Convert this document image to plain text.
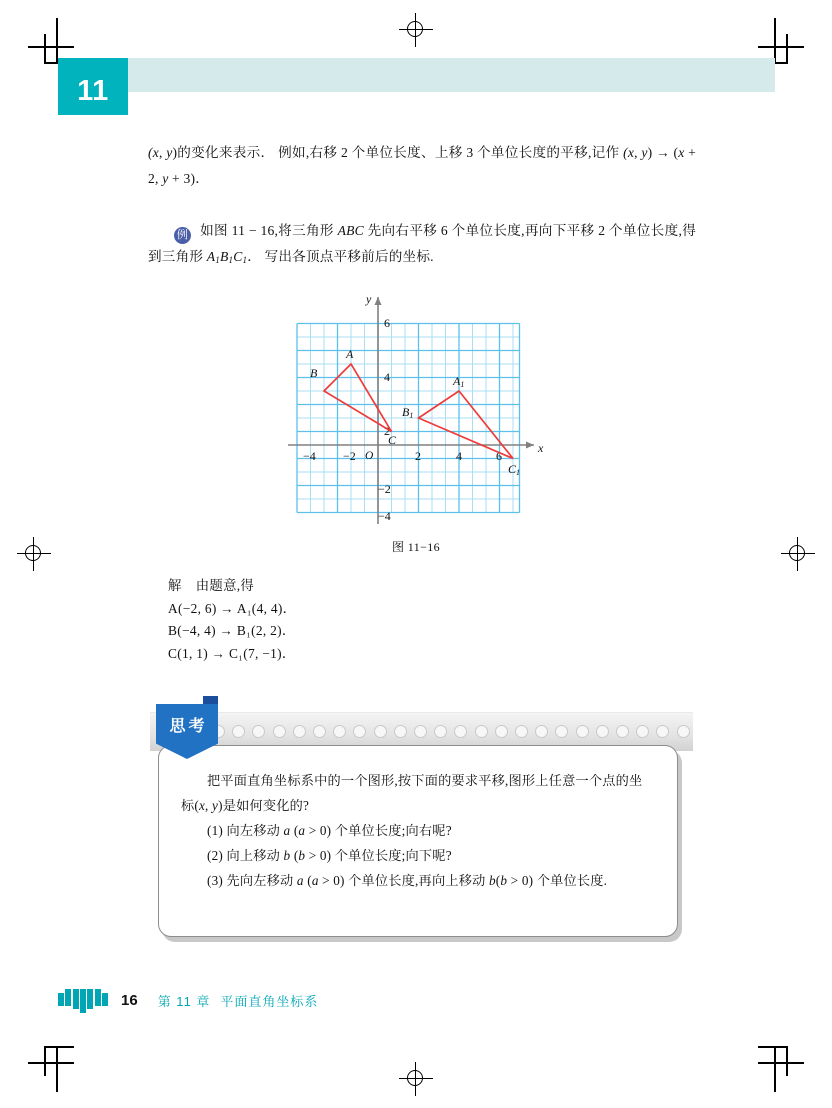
11

(x, y)的变化来表示． 例如,右移 2 个单位长度、上移 3 个单位长度的平移,记作 (x, y) → (x + 2, y + 3)．

例 如图 11 − 16,将三角形 ABC 先向右平移 6 个单位长度,再向下平移 2 个单位长度,得到三角形 $A_1B_1C_1$． 写出各顶点平移前后的坐标.

x
y
O
−4 −2	2	4	6
6
4
2
−2
−4
A
B
C
A1
B1
C1
图 11−16
解 由题意,得
A(−2, 6) → A₁(4, 4)．
B(−4, 4) → B₁(2, 2)．
C(1, 1) → C₁(7, −1)．
思考

把平面直角坐标系中的一个图形,按下面的要求平移,图形上任意一个点的坐标(x, y)是如何变化的?

(1) 向左移动 a (a > 0) 个单位长度;向右呢?

(2) 向上移动 b (b > 0) 个单位长度;向下呢?

(3) 先向左移动 a (a > 0) 个单位长度,再向上移动 b(b > 0) 个单位长度.

16 第 11 章 平面直角坐标系
